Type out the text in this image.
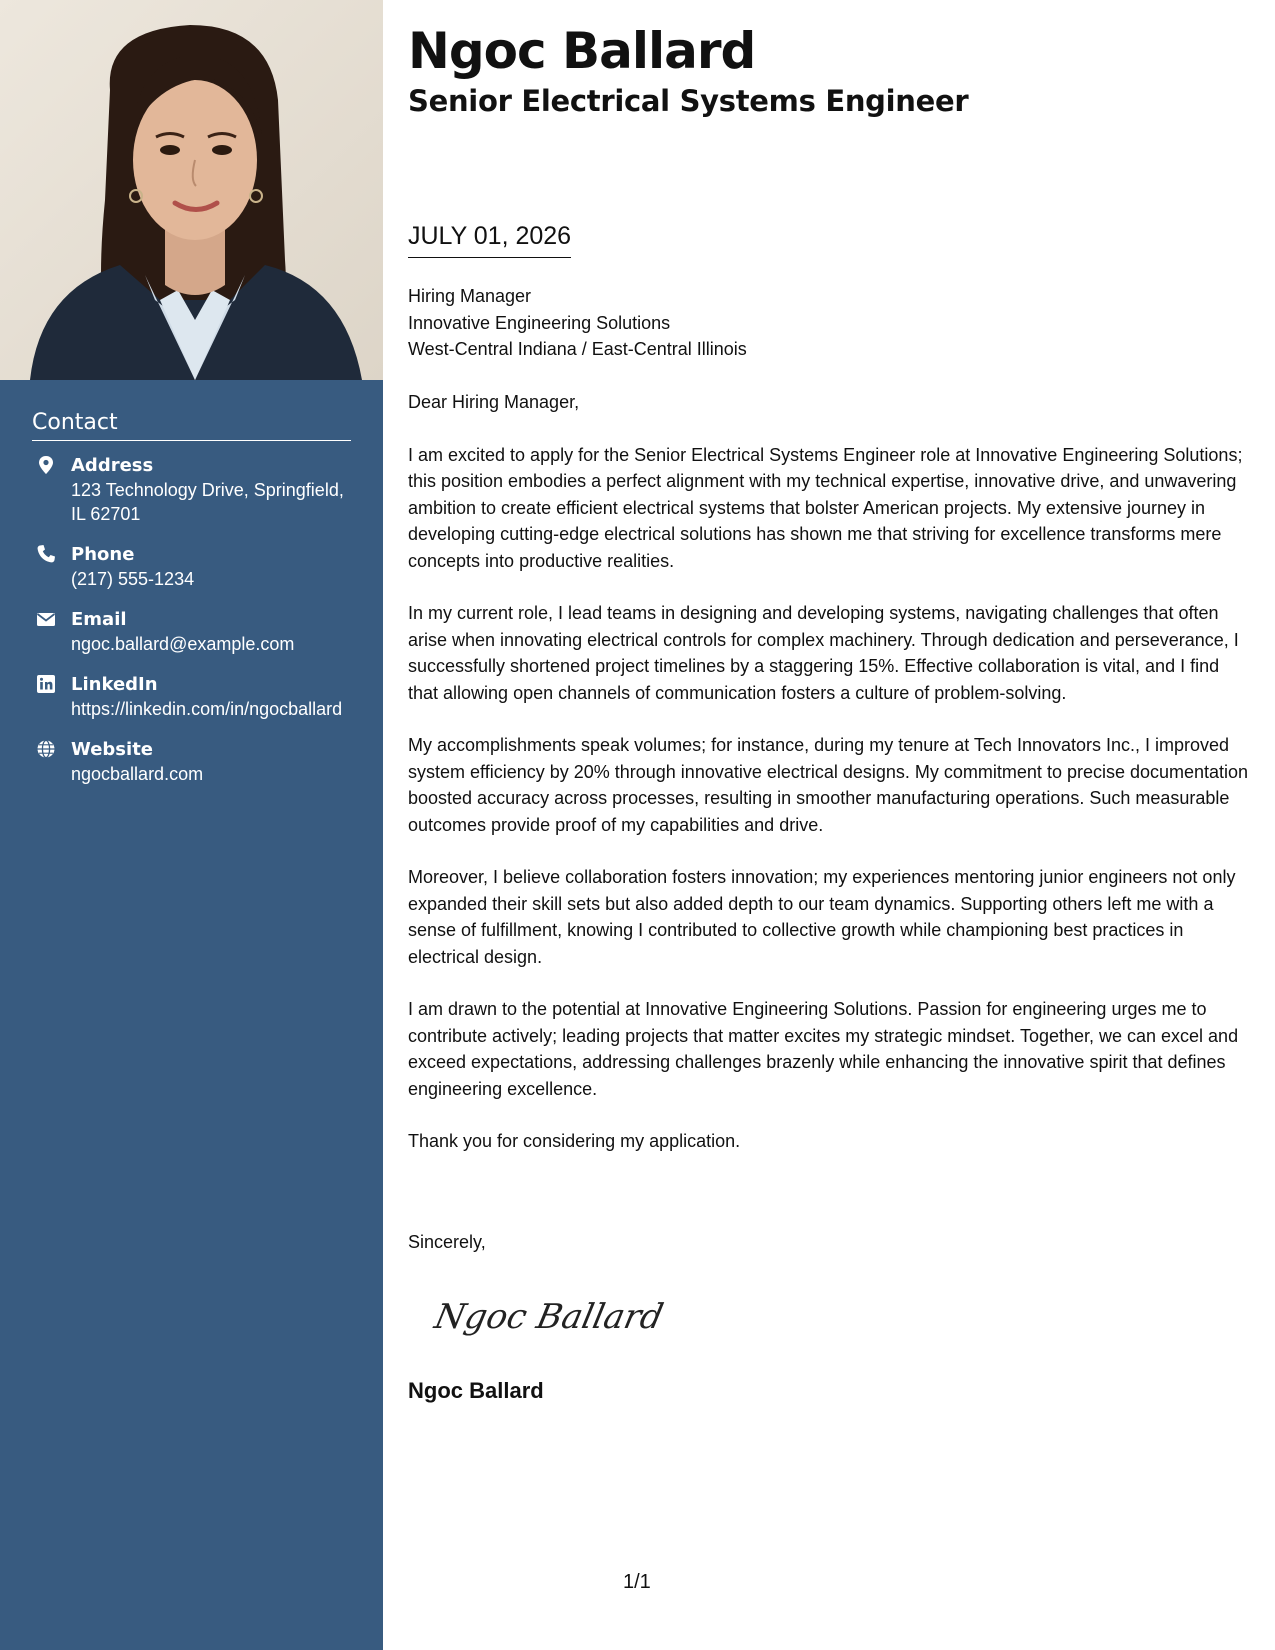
Contact
Address
123 Technology Drive, Springfield, IL 62701
Phone
(217) 555-1234
Email
ngoc.ballard@example.com
LinkedIn
https://linkedin.com/in/ngocballard
Website
ngocballard.com
Ngoc Ballard
Senior Electrical Systems Engineer
JULY 01, 2026
Hiring Manager
Innovative Engineering Solutions
West-Central Indiana / East-Central Illinois

Dear Hiring Manager,

I am excited to apply for the Senior Electrical Systems Engineer role at Innovative Engineering Solutions; this position embodies a perfect alignment with my technical expertise, innovative drive, and unwavering ambition to create efficient electrical systems that bolster American projects. My extensive journey in developing cutting-edge electrical solutions has shown me that striving for excellence transforms mere concepts into productive realities.

In my current role, I lead teams in designing and developing systems, navigating challenges that often arise when innovating electrical controls for complex machinery. Through dedication and perseverance, I successfully shortened project timelines by a staggering 15%. Effective collaboration is vital, and I find that allowing open channels of communication fosters a culture of problem-solving.

My accomplishments speak volumes; for instance, during my tenure at Tech Innovators Inc., I improved system efficiency by 20% through innovative electrical designs. My commitment to precise documentation boosted accuracy across processes, resulting in smoother manufacturing operations. Such measurable outcomes provide proof of my capabilities and drive.

Moreover, I believe collaboration fosters innovation; my experiences mentoring junior engineers not only expanded their skill sets but also added depth to our team dynamics. Supporting others left me with a sense of fulfillment, knowing I contributed to collective growth while championing best practices in electrical design.

I am drawn to the potential at Innovative Engineering Solutions. Passion for engineering urges me to contribute actively; leading projects that matter excites my strategic mindset. Together, we can excel and exceed expectations, addressing challenges brazenly while enhancing the innovative spirit that defines engineering excellence.

Thank you for considering my application.

Sincerely,
Ngoc Ballard
Ngoc Ballard
1/1
